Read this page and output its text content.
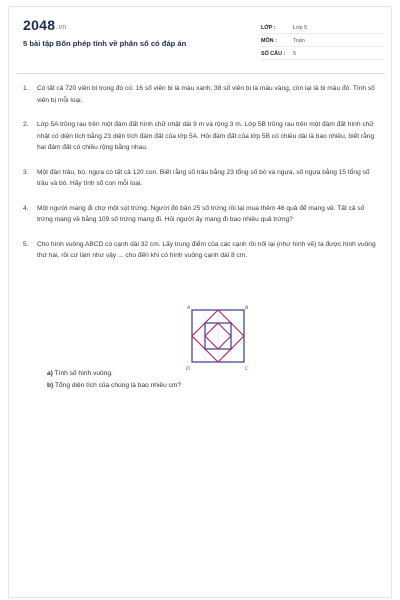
2048.vn
5 bài tập Bốn phép tính về phân số có đáp án
LỚP :	Lớp 5
MÔN :	Toán
SỐ CÂU :	5
1.	Có tất cả 720 viên bi trong đó có: 16 số viên bi là màu xanh, 38 số viên bi là màu vàng, còn lại là bi màu đỏ. Tính số viên bị mỗi loại.
2.	Lớp 5A trồng rau trên một đám đất hình chữ nhật dài 9 m và rộng 3 m. Lớp 5B trồng rau trên một đám đất hình chữ nhật có diện tích bằng 23 diện tích đám đất của lớp 5A. Hỏi đám đất của lớp 5B có chiều dài là bao nhiêu, biết rằng hai đám đất có chiều rộng bằng nhau.
3.	Một đàn trâu, bò, ngựa có tất cả 120 con. Biết rằng số trâu bằng 23 tổng số bò và ngựa, số ngựa bằng 15 tổng số trâu và bò. Hãy tính số con mỗi loại.
4.	Một người mang đi chợ một sọt trứng. Người đó bán 25 số trứng rồi lại mua thêm 46 quả để mang về. Tất cả số trứng mang về bằng 109 số trứng mang đi. Hỏi người ấy mang đi bao nhiêu quả trứng?
5.	Cho hình vuông ABCD có cạnh dài 32 cm. Lấy trung điểm của các cạnh rồi nối lại (như hình vẽ) ta được hình vuông thứ hai, rồi cứ làm như vậy ... cho đến khi có hình vuông cạnh dài 8 cm.
A	B
C
D
a) Tính số hình vuông.
b) Tổng diện tích của chúng là bao nhiêu cm?
